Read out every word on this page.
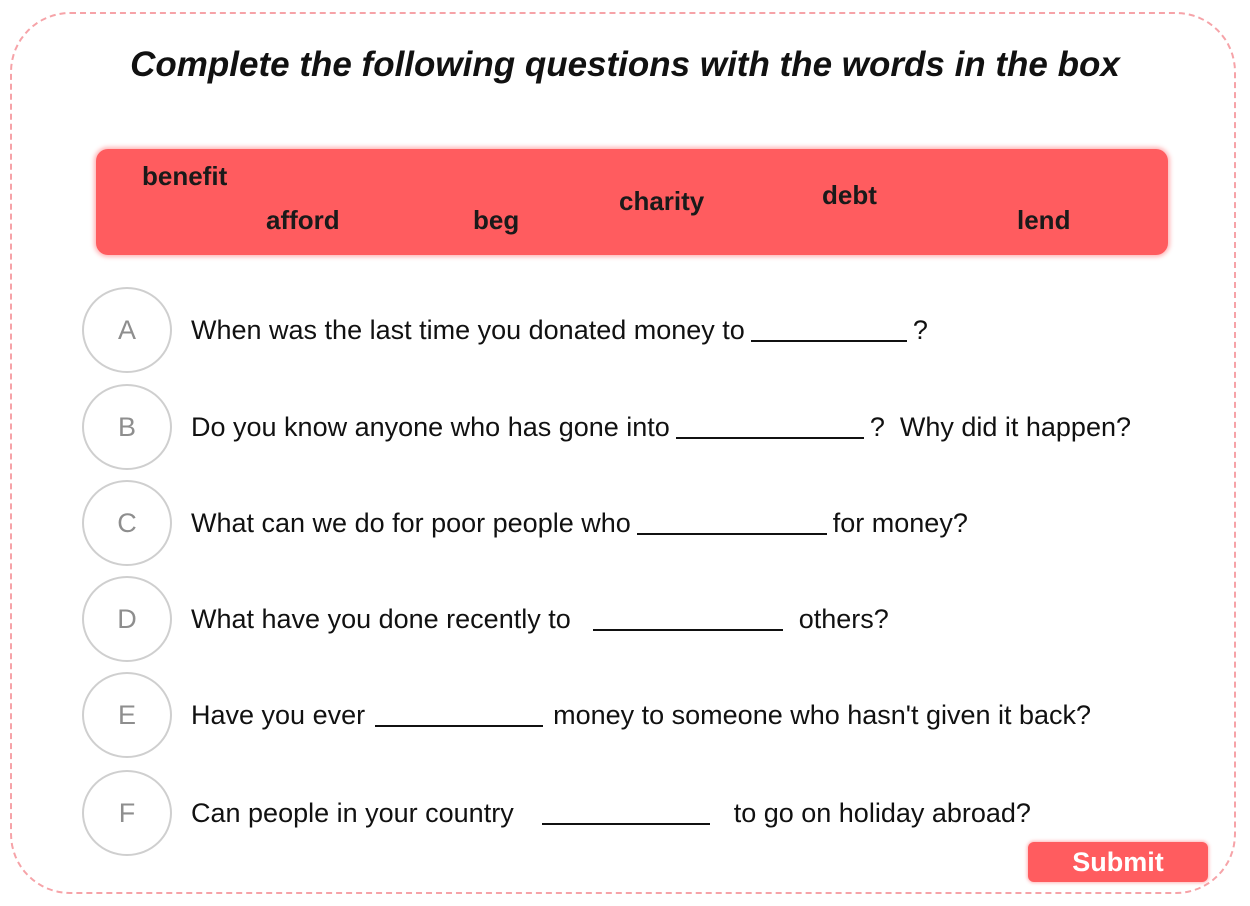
Complete the following questions with the words in the box
benefit
afford	beg
charity	debt
lend
A	When was the last time you donated money to	?
B	Do you know anyone who has gone into	?  Why did it happen?
C	What can we do for poor people who	for money?
D	What have you done recently to	others?
E	Have you ever	money to someone who hasn't given it back?
F	Can people in your country	to go on holiday abroad?
Submit
